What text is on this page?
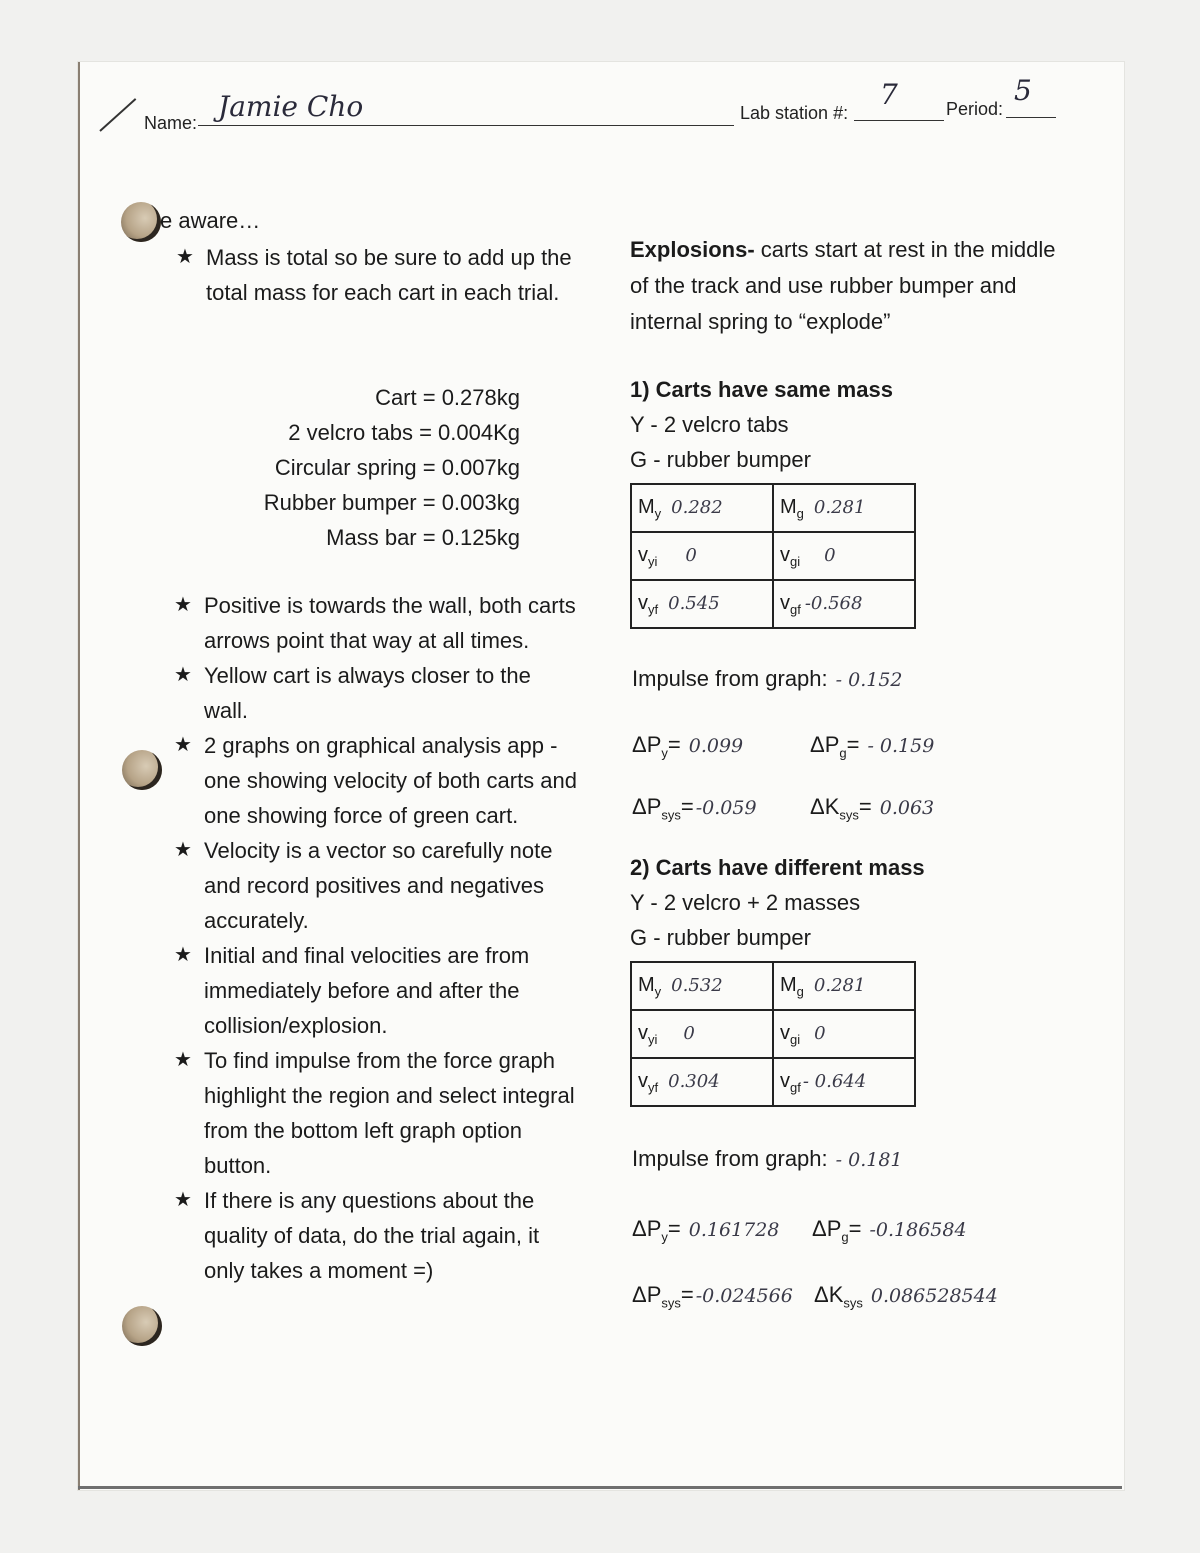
Name: Jamie Cho	Lab station #:
7	Period:
5
e aware…
★ Mass is total so be sure to add up the total mass for each cart in each trial.
Cart = 0.278kg
2 velcro tabs = 0.004Kg
Circular spring = 0.007kg
Rubber bumper = 0.003kg
Mass bar = 0.125kg
★ Positive is towards the wall, both carts arrows point that way at all times.
★ Yellow cart is always closer to the wall.
★ 2 graphs on graphical analysis app - one showing velocity of both carts and one showing force of green cart.
★ Velocity is a vector so carefully note and record positives and negatives accurately.
★ Initial and final velocities are from immediately before and after the collision/explosion.
★ To find impulse from the force graph highlight the region and select integral from the bottom left graph option button.
★ If there is any questions about the quality of data, do the trial again, it only takes a moment =)
Explosions- carts start at rest in the middle of the track and use rubber bumper and internal spring to “explode”
1) Carts have same mass
Y - 2 velcro tabs
G - rubber bumper
$M_y$ 0.282	$M_g$ 0.281
$v_{yi}$ 0	$v_{gi}$ 0
$v_{yf}$ 0.545	$v_{gf}$ -0.568
Impulse from graph: - 0.152
$\Delta P_y= 0.099$	$\Delta P_g= - 0.159$
$\Delta P_{sys}= -0.059$ $\Delta K_{sys}= 0.063$
2) Carts have different mass
Y - 2 velcro + 2 masses
G - rubber bumper
$M_y$ 0.532	$M_g$ 0.281
$v_{yi}$ 0	$v_{gi}$ 0
$v_{yf}$ 0.304	$v_{gf} - 0.644$
Impulse from graph: - 0.181
$\Delta P_y= 0.161728$ $\Delta P_g= -0.186584$
$\Delta P_{sys}= -0.024566$ $\Delta K_{sys}$ 0.086528544
